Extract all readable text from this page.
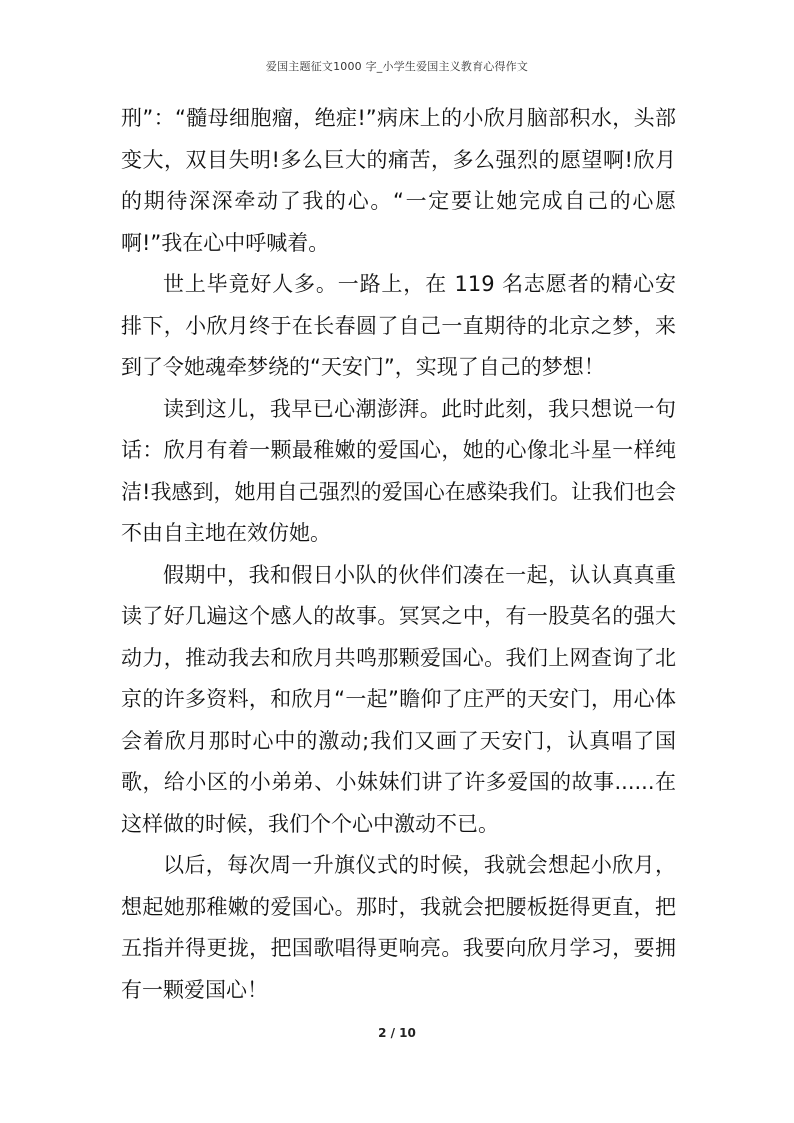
爱国主题征文1000 字_小学生爱国主义教育心得作文

刑”：“髓母细胞瘤，绝症!”病床上的小欣月脑部积水，头部变大，双目失明!多么巨大的痛苦，多么强烈的愿望啊!欣月的期待深深牵动了我的心。“一定要让她完成自己的心愿啊!”我在心中呼喊着。

世上毕竟好人多。一路上，在 119 名志愿者的精心安排下，小欣月终于在长春圆了自己一直期待的北京之梦，来到了令她魂牵梦绕的“天安门”，实现了自己的梦想！

读到这儿，我早已心潮澎湃。此时此刻，我只想说一句话：欣月有着一颗最稚嫩的爱国心，她的心像北斗星一样纯洁!我感到，她用自己强烈的爱国心在感染我们。让我们也会不由自主地在效仿她。

假期中，我和假日小队的伙伴们凑在一起，认认真真重读了好几遍这个感人的故事。冥冥之中，有一股莫名的强大动力，推动我去和欣月共鸣那颗爱国心。我们上网查询了北京的许多资料，和欣月“一起”瞻仰了庄严的天安门，用心体会着欣月那时心中的激动;我们又画了天安门，认真唱了国歌，给小区的小弟弟、小妹妹们讲了许多爱国的故事......在这样做的时候，我们个个心中激动不已。

以后，每次周一升旗仪式的时候，我就会想起小欣月，想起她那稚嫩的爱国心。那时，我就会把腰板挺得更直，把五指并得更拢，把国歌唱得更响亮。我要向欣月学习，要拥有一颗爱国心！

2 / 10
